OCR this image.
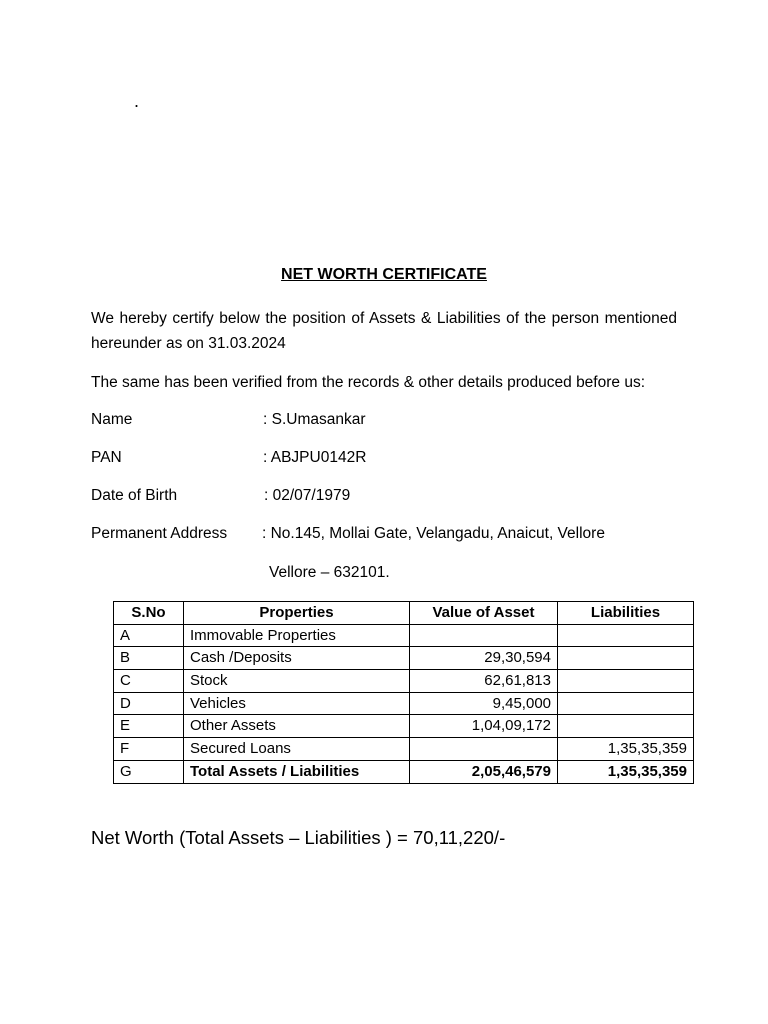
.
NET WORTH CERTIFICATE
We hereby certify below the position of Assets & Liabilities of the person mentioned hereunder as on 31.03.2024
The same has been verified from the records & other details produced before us:
Name	: S.Umasankar
PAN	: ABJPU0142R
Date of Birth	: 02/07/1979
Permanent Address : No.145, Mollai Gate, Velangadu, Anaicut, Vellore
Vellore – 632101.
S.No	Properties	Value of Asset	Liabilities
A	Immovable Properties		
B	Cash /Deposits	29,30,594	
C	Stock	62,61,813	
D	Vehicles	9,45,000	
E	Other Assets	1,04,09,172	
F	Secured Loans		1,35,35,359
G	Total Assets / Liabilities	2,05,46,579	1,35,35,359
Net Worth (Total Assets – Liabilities ) = 70,11,220/-
